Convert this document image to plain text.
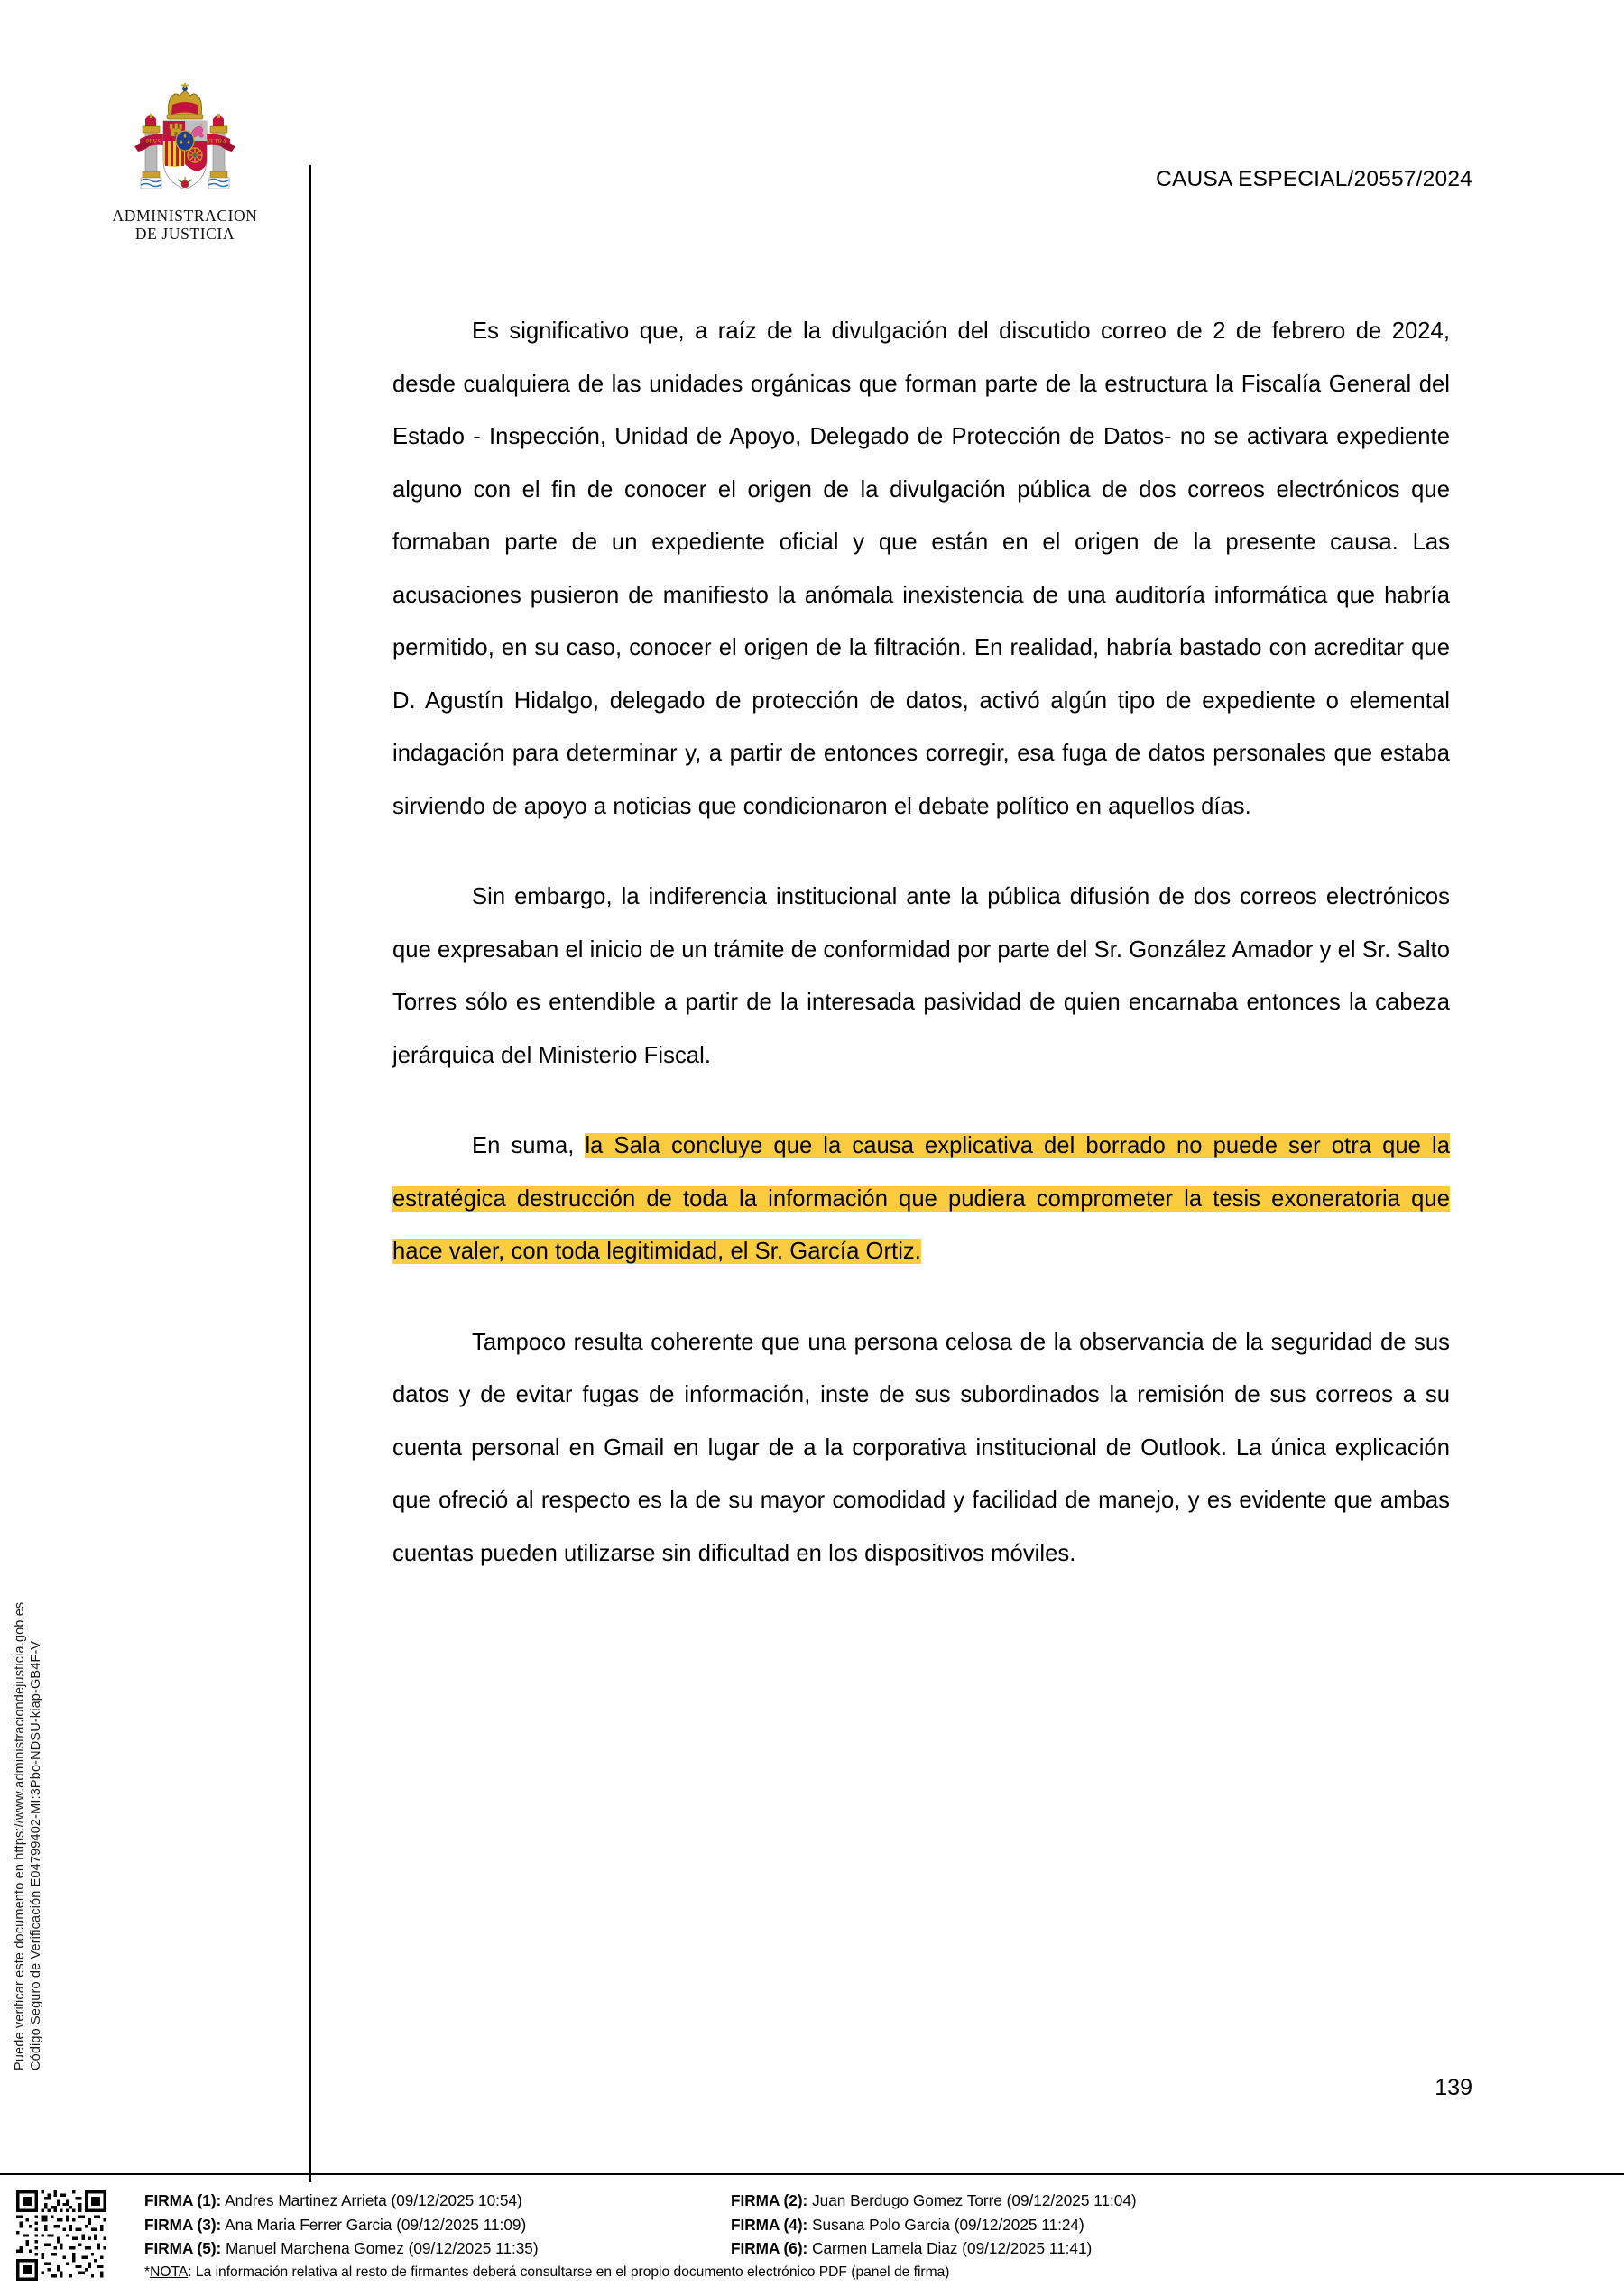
Código Seguro de Verificación E04799402-MI:3Pbo-NDSU-kiap-GB4F-V
Puede verificar este documento en https://www.administraciondejusticia.gob.es
PLVS	VLTRA
ADMINISTRACION
DE JUSTICIA
CAUSA ESPECIAL/20557/2024

Es significativo que, a raíz de la divulgación del discutido correo de 2 de febrero de 2024, desde cualquiera de las unidades orgánicas que forman parte de la estructura la Fiscalía General del Estado - Inspección, Unidad de Apoyo, Delegado de Protección de Datos- no se activara expediente alguno con el fin de conocer el origen de la divulgación pública de dos correos electrónicos que formaban parte de un expediente oficial y que están en el origen de la presente causa. Las acusaciones pusieron de manifiesto la anómala inexistencia de una auditoría informática que habría permitido, en su caso, conocer el origen de la filtración. En realidad, habría bastado con acreditar que D. Agustín Hidalgo, delegado de protección de datos, activó algún tipo de expediente o elemental indagación para determinar y, a partir de entonces corregir, esa fuga de datos personales que estaba sirviendo de apoyo a noticias que condicionaron el debate político en aquellos días.

Sin embargo, la indiferencia institucional ante la pública difusión de dos correos electrónicos que expresaban el inicio de un trámite de conformidad por parte del Sr. González Amador y el Sr. Salto Torres sólo es entendible a partir de la interesada pasividad de quien encarnaba entonces la cabeza jerárquica del Ministerio Fiscal.

En suma, la Sala concluye que la causa explicativa del borrado no puede ser otra que la estratégica destrucción de toda la información que pudiera comprometer la tesis exoneratoria que hace valer, con toda legitimidad, el Sr. García Ortiz.

Tampoco resulta coherente que una persona celosa de la observancia de la seguridad de sus datos y de evitar fugas de información, inste de sus subordinados la remisión de sus correos a su cuenta personal en Gmail en lugar de a la corporativa institucional de Outlook. La única explicación que ofreció al respecto es la de su mayor comodidad y facilidad de manejo, y es evidente que ambas cuentas pueden utilizarse sin dificultad en los dispositivos móviles.

139
FIRMA (1): Andres Martinez Arrieta (09/12/2025 10:54)	FIRMA (2): Juan Berdugo Gomez Torre (09/12/2025 11:04)
FIRMA (3): Ana Maria Ferrer Garcia (09/12/2025 11:09)	FIRMA (4): Susana Polo Garcia (09/12/2025 11:24)
FIRMA (5): Manuel Marchena Gomez (09/12/2025 11:35)	FIRMA (6): Carmen Lamela Diaz (09/12/2025 11:41)
*NOTA: La información relativa al resto de firmantes deberá consultarse en el propio documento electrónico PDF (panel de firma)
